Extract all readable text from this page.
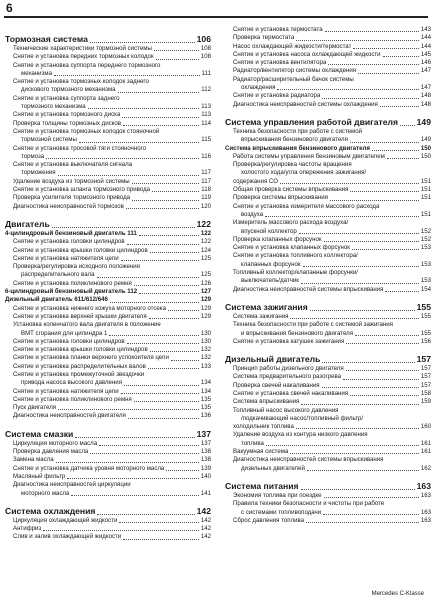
6
Тормозная система	106
Технические характеристики тормозной системы	108
Снятие и установка передних тормозных колодок	108
Снятие и установка суппорта переднего тормозного
механизма	111
Снятие и установка тормозных колодок заднего
дискового тормозного механизма	112
Снятие и установка суппорта заднего
тормозного механизма	113
Снятие и установка тормозного диска	113
Проверка толщины тормозных дисков	114
Снятие и установка тормозных колодок стояночной
тормозной системы	115
Снятие и установка тросовой тяги стояночного
тормоза	116
Снятие и установка выключателя сигнала
торможения	117
Удаление воздуха из тормозной системы	117
Снятие и установка шланга тормозного привода	118
Проверка усилителя тормозного привода	119
Диагностика неисправностей тормозов	120
Двигатель	122
4-цилиндровый бензиновый двигатель 111	122
Снятие и установка головки цилиндров	122
Снятие и установка крышки головки цилиндров	124
Снятие и установка натяжителя цепи	125
Проверка/регулировка исходного положения
распределительного вала	125
Снятие и установка поликлинового ремня	126
6-цилиндровый бензиновый двигатель 112	127
Дизельный двигатель 611/612/646	129
Снятие и установка нижнего кожуха моторного отсека	129
Снятие и установка верхней крышки двигателя	129
Установка коленчатого вала двигателя в положение
ВМТ сгорания для цилиндра 1	130
Снятие и установка головки цилиндров	130
Снятие и установка крышки головки цилиндров	132
Снятие и установка планки верхнего успокоителя цепи	132
Снятие и установка распределительных валов	133
Снятие и установка промежуточной звездочки
привода насоса высокого давления	134
Снятие и установка натяжителя цепи	134
Снятие и установка поликлинового ремня	135
Пуск двигателя	135
Диагностика неисправностей двигателя	136
Система смазки	137
Циркуляция моторного масла	137
Проверка давления масла	138
Замена масла	138
Снятие и установка датчика уровня моторного масла	139
Масляный фильтр	140
Диагностика неисправностей циркуляции
моторного масла	141
Система охлаждения	142
Циркуляция охлаждающей жидкости	142
Антифриз	142
Слив и залив охлаждающей жидкости	142
Снятие и установка термостата	143
Проверка термостата	144
Насос охлаждающей жидкости/термостат	144
Снятие и установка насоса охлаждающей жидкости	145
Снятие и установка вентилятора	146
Радиатор/вентилятор системы охлаждения	147
Радиатор/расширительный бачок системы
охлаждения	147
Снятие и установка радиатора	148
Диагностика неисправностей системы охлаждения	148
Система управления работой двигателя 149
Техника безопасности при работе с системой
впрыскивания бензинового двигателя	149
Система впрыскивания бензинового двигателя	150
Работа системы управления бензиновым двигателем	150
Проверка/регулировка частоты вращения
холостого хода/угла опережения зажигания/
содержания СО	151
Общая проверка системы впрыскивания	151
Проверка системы впрыскивания	151
Снятие и установка измерителя массового расхода
воздуха	151
Измеритель массового расхода воздуха/
впускной коллектор	152
Проверка клапанных форсунок	152
Снятие и установка клапанных форсунок	153
Снятие и установка топливного коллектора/
клапанных форсунок	153
Топливный коллектор/клапанные форсунки/
выключатель/датчик	153
Диагностика неисправностей системы впрыскивания	154
Система зажигания	155
Система зажигания	155
Техника безопасности при работе с системой зажигания
и впрыскивания бензинового двигателя	155
Снятие и установка катушек зажигания	156
Дизельный двигатель	157
Принцип работы дизельного двигателя	157
Система предварительного разогрева	157
Проверка свечей накаливания	157
Снятие и установка свечей накаливания	158
Система впрыскивания	159
Топливный насос высокого давления
/подкачивающий насос/топливный фильтр/
холодильник топлива	160
Удаление воздуха из контура низкого давления
топлива	161
Вакуумная система	161
Диагностика неисправностей системы впрыскивания
дизельных двигателей	162
Система питания	163
Экономия топлива при поездке	163
Правила техники безопасности и чистоты при работе
с системами топливоподачи	163
Сброс давления топлива	163
Mercedes C-Klasse
